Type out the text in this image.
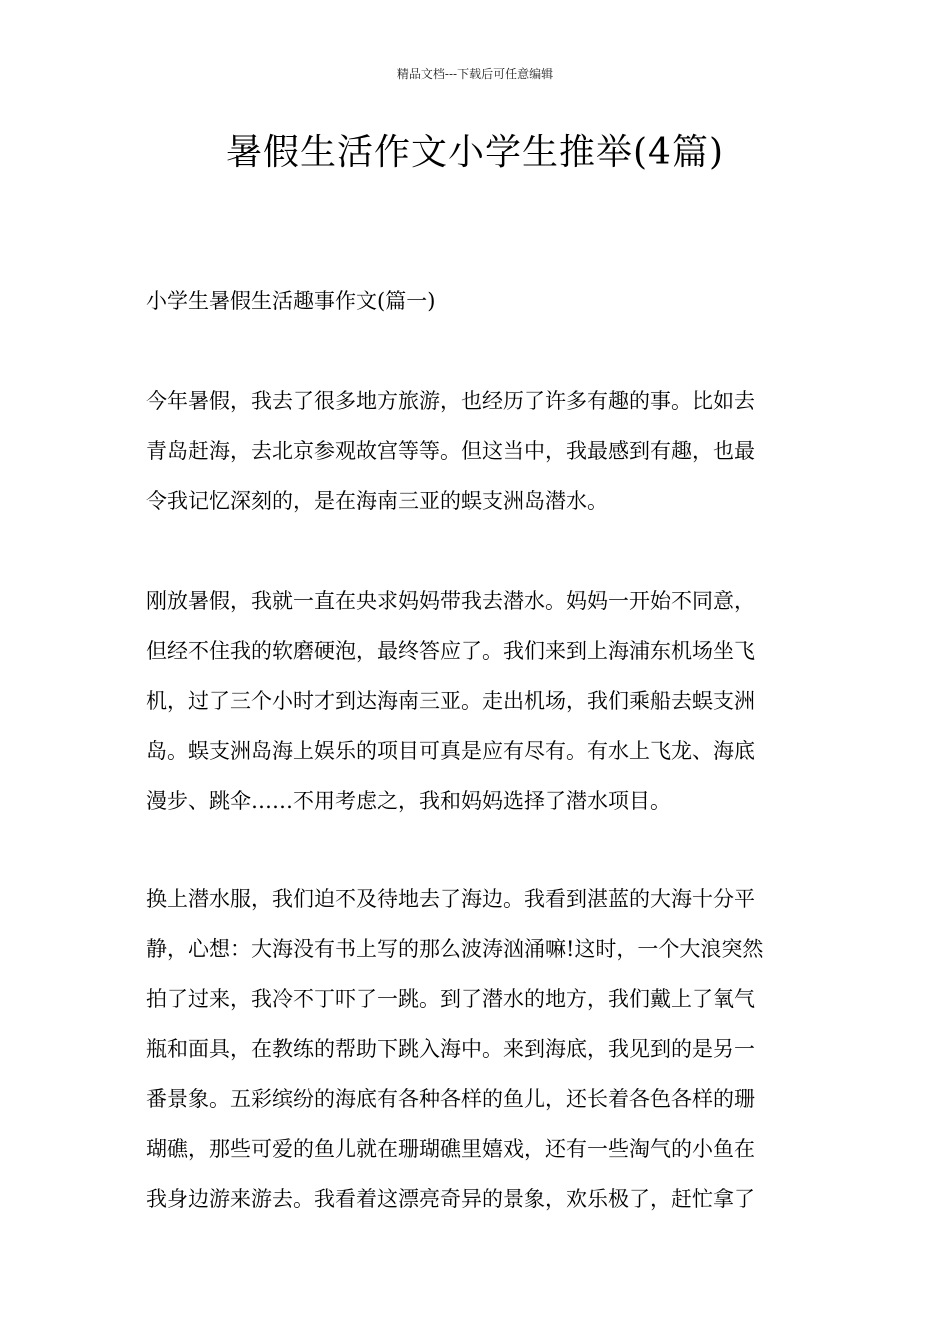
精品文档---下载后可任意编辑
暑假生活作文小学生推举(4篇)

小学生暑假生活趣事作文(篇一)

今年暑假，我去了很多地方旅游，也经历了许多有趣的事。比如去
青岛赶海，去北京参观故宫等等。但这当中，我最感到有趣，也最
令我记忆深刻的，是在海南三亚的蜈支洲岛潜水。
刚放暑假，我就一直在央求妈妈带我去潜水。妈妈一开始不同意，
但经不住我的软磨硬泡，最终答应了。我们来到上海浦东机场坐飞
机，过了三个小时才到达海南三亚。走出机场，我们乘船去蜈支洲
岛。蜈支洲岛海上娱乐的项目可真是应有尽有。有水上飞龙、海底
漫步、跳伞……不用考虑之，我和妈妈选择了潜水项目。
换上潜水服，我们迫不及待地去了海边。我看到湛蓝的大海十分平
静，心想：大海没有书上写的那么波涛汹涌嘛!这时，一个大浪突然
拍了过来，我冷不丁吓了一跳。到了潜水的地方，我们戴上了氧气
瓶和面具，在教练的帮助下跳入海中。来到海底，我见到的是另一
番景象。五彩缤纷的海底有各种各样的鱼儿，还长着各色各样的珊
瑚礁，那些可爱的鱼儿就在珊瑚礁里嬉戏，还有一些淘气的小鱼在
我身边游来游去。我看着这漂亮奇异的景象，欢乐极了，赶忙拿了
